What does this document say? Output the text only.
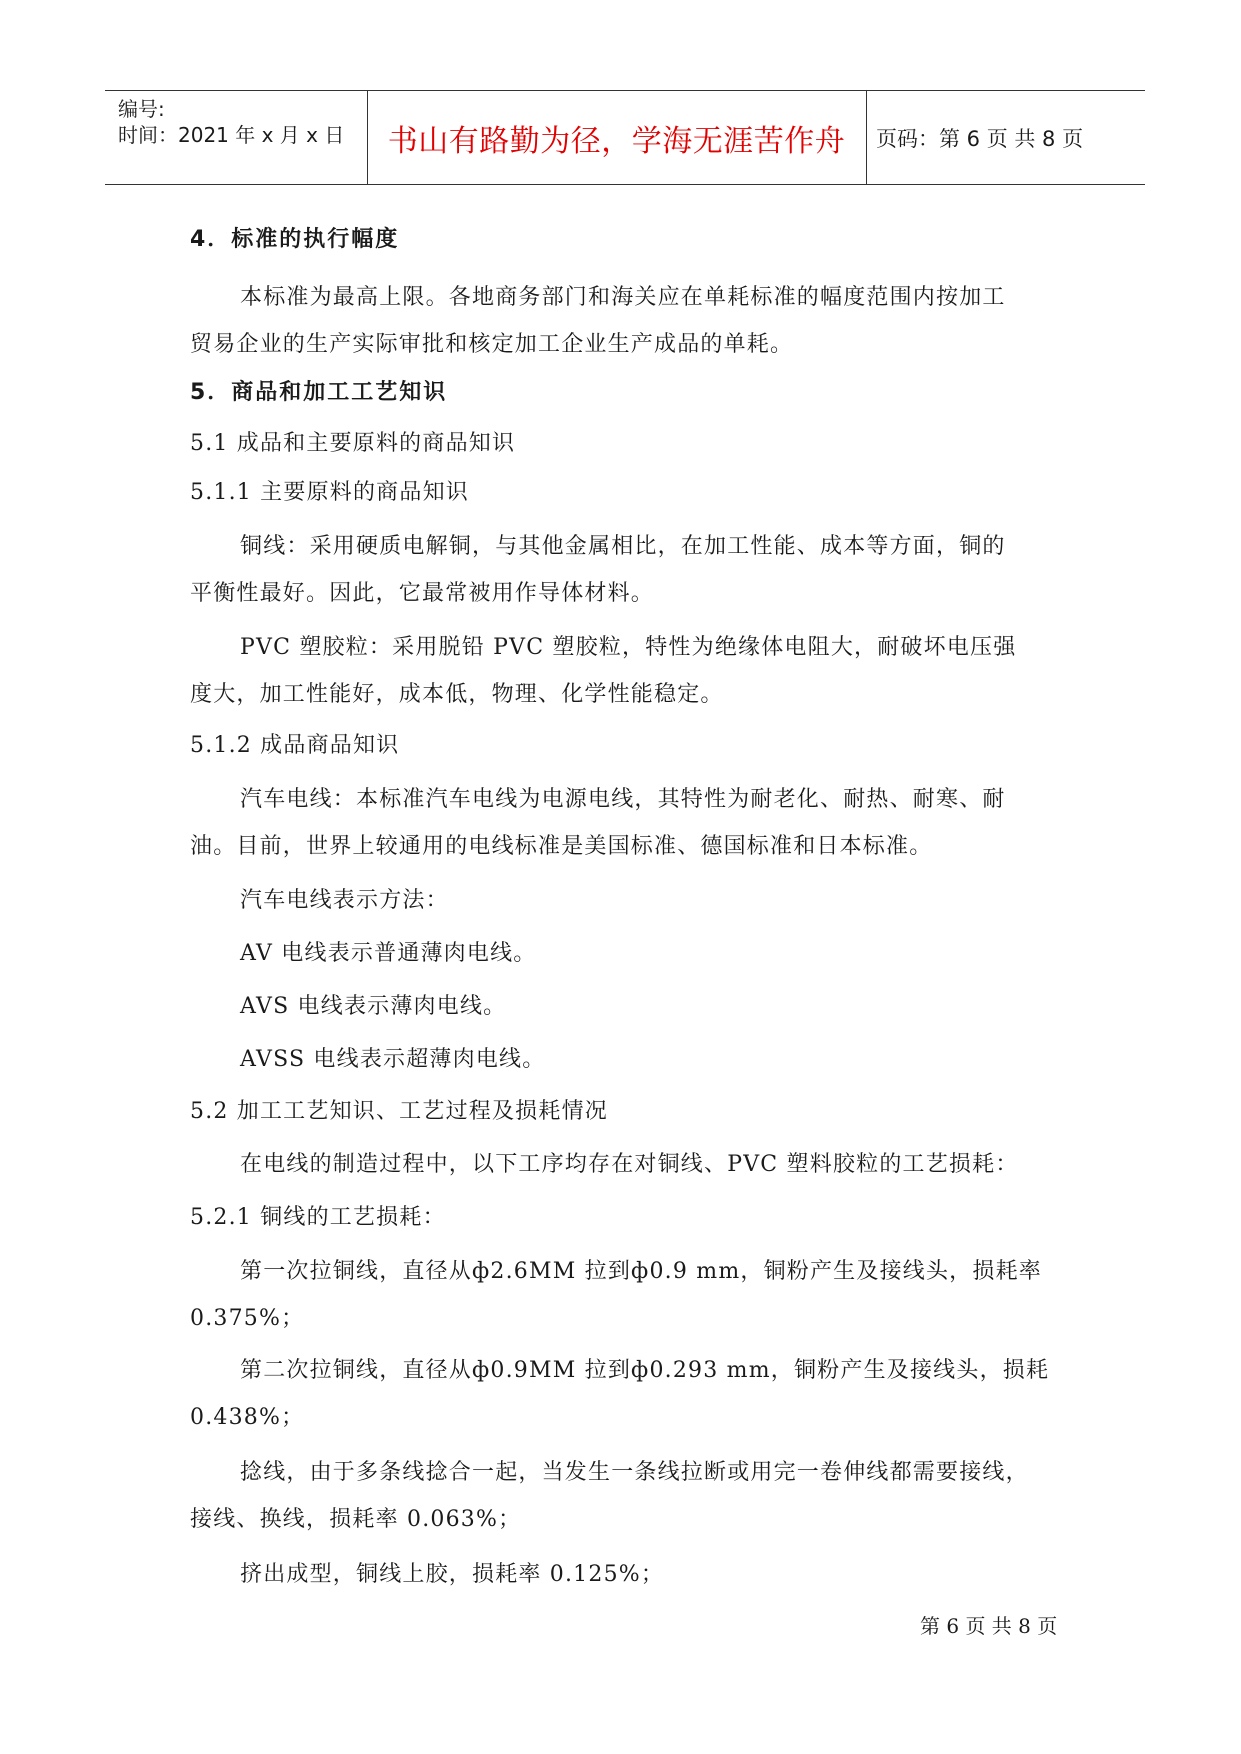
编号:
时间：2021 年 x 月 x 日	书山有路勤为径，学海无涯苦作舟	页码：第 6 页 共 8 页
4．标准的执行幅度
本标准为最高上限。各地商务部门和海关应在单耗标准的幅度范围内按加工
贸易企业的生产实际审批和核定加工企业生产成品的单耗。
5．商品和加工工艺知识
5.1 成品和主要原料的商品知识
5.1.1 主要原料的商品知识
铜线：采用硬质电解铜，与其他金属相比，在加工性能、成本等方面，铜的
平衡性最好。因此，它最常被用作导体材料。
PVC 塑胶粒：采用脱铅 PVC 塑胶粒，特性为绝缘体电阻大，耐破坏电压强
度大，加工性能好，成本低，物理、化学性能稳定。
5.1.2 成品商品知识
汽车电线：本标准汽车电线为电源电线，其特性为耐老化、耐热、耐寒、耐
油。目前，世界上较通用的电线标准是美国标准、德国标准和日本标准。
汽车电线表示方法：
AV 电线表示普通薄肉电线。
AVS 电线表示薄肉电线。
AVSS 电线表示超薄肉电线。
5.2 加工工艺知识、工艺过程及损耗情况
在电线的制造过程中，以下工序均存在对铜线、PVC 塑料胶粒的工艺损耗：
5.2.1 铜线的工艺损耗：
第一次拉铜线，直径从ф2.6MM 拉到ф0.9 mm，铜粉产生及接线头，损耗率
0.375%；
第二次拉铜线，直径从ф0.9MM 拉到ф0.293 mm，铜粉产生及接线头，损耗
0.438%；
捻线，由于多条线捻合一起，当发生一条线拉断或用完一卷伸线都需要接线，
接线、换线，损耗率 0.063%；
挤出成型，铜线上胶，损耗率 0.125%；
第 6 页 共 8 页
